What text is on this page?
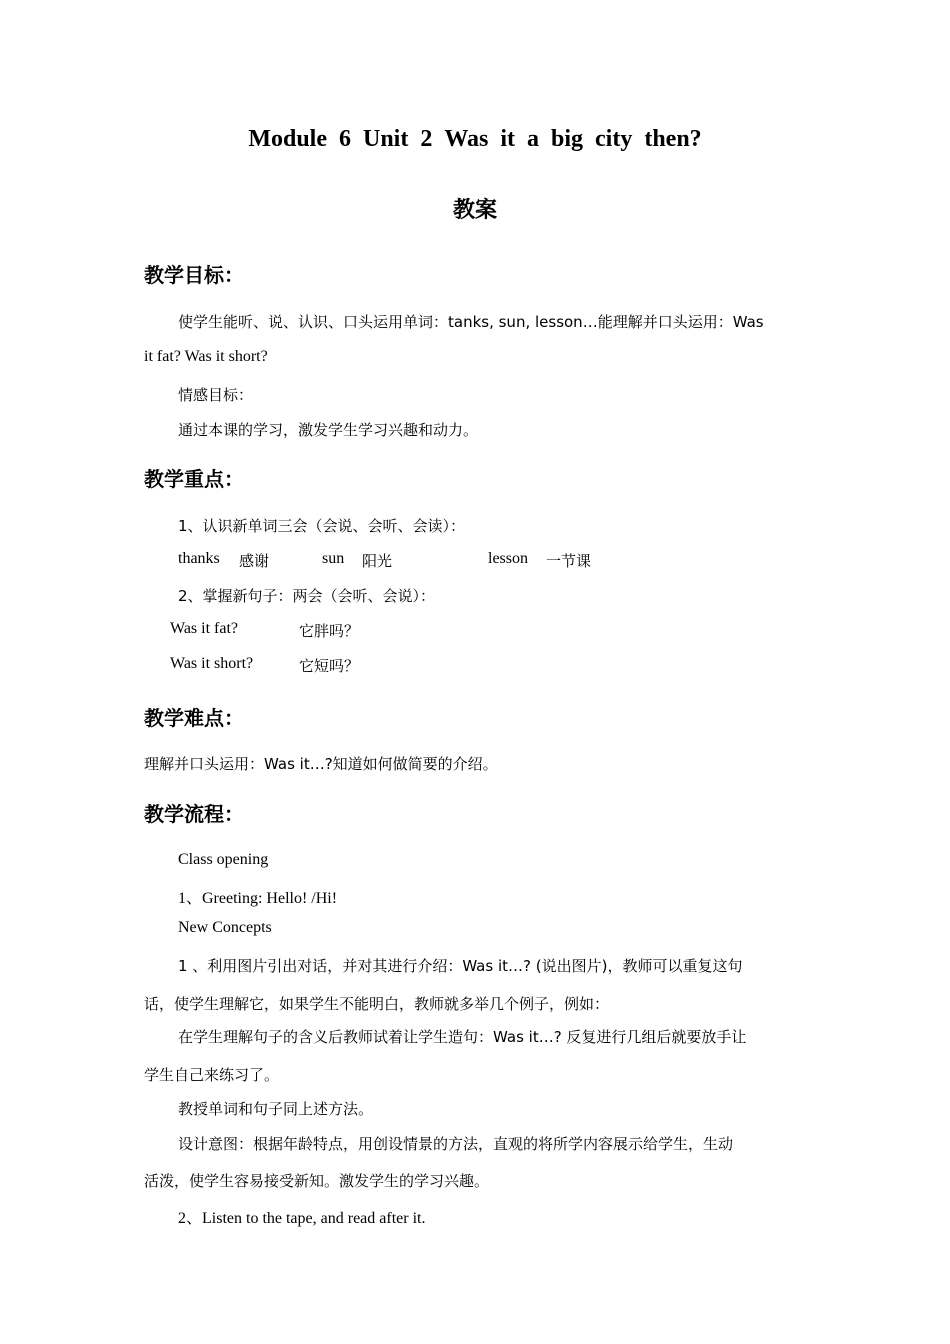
Module 6 Unit 2 Was it a big city then?
教案
教学目标：
使学生能听、说、认识、口头运用单词：tanks, sun, lesson…能理解并口头运用：Was
it fat? Was it short?
情感目标：
通过本课的学习，激发学生学习兴趣和动力。
教学重点：
1、认识新单词三会（会说、会听、会读）：
thanks 感谢	sun 阳光	lesson 一节课
2、掌握新句子：两会（会听、会说）：
Was it fat?	它胖吗？
Was it short?	它短吗？
教学难点：
理解并口头运用：Was it…?知道如何做简要的介绍。
教学流程：
Class opening
1、Greeting: Hello! /Hi!
New Concepts
1 、利用图片引出对话，并对其进行介绍：Was it…? (说出图片)，教师可以重复这句
话，使学生理解它，如果学生不能明白，教师就多举几个例子，例如：
在学生理解句子的含义后教师试着让学生造句：Was it…? 反复进行几组后就要放手让
学生自己来练习了。
教授单词和句子同上述方法。
设计意图：根据年龄特点，用创设情景的方法，直观的将所学内容展示给学生，生动
活泼，使学生容易接受新知。激发学生的学习兴趣。
2、Listen to the tape, and read after it.
